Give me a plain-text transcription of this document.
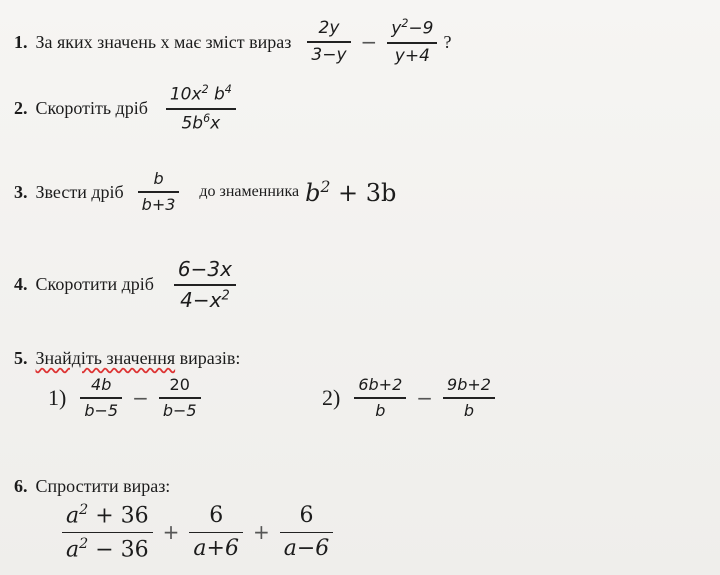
1. За яких значень х має зміст вираз $\frac{2y}{3-y} - \frac{y^2-9}{y+4}$ ?
2. Скоротіть дріб $\frac{10x^2 b^4}{5b^6x}$
3. Звести дріб $\frac{b}{b+3}$ до знаменника $b^2 + 3b$
4. Скоротити дріб $\frac{6-3x}{4-x^2}$
5. Знайдіть значення виразів:
$1) \frac{4b}{b-5} - \frac{20}{b-5}$	$2) \frac{6b+2}{b} - \frac{9b+2}{b}$
6. Спростити вираз:
$\frac{a^2 + 36}{a^2 - 36} + \frac{6}{a+6} + \frac{6}{a-6}$
